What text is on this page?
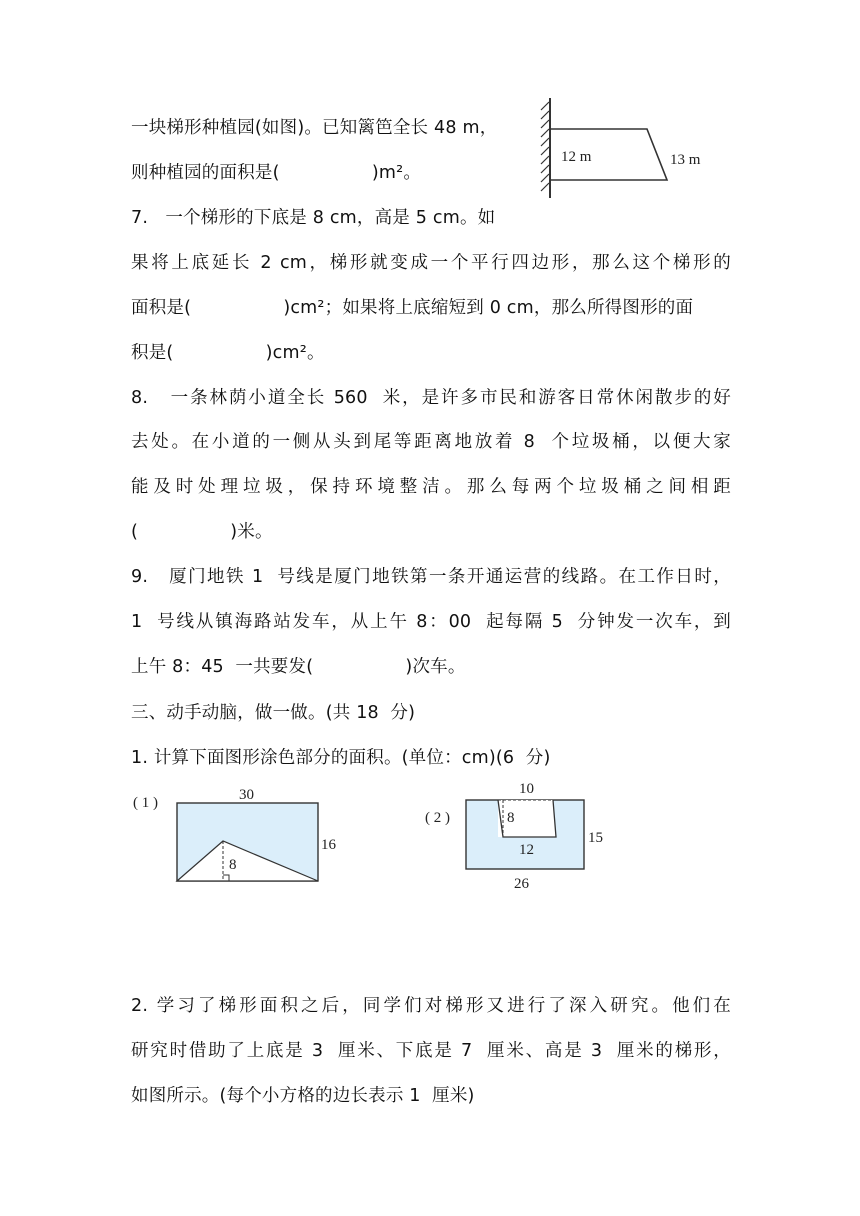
一块梯形种植园(如图)。已知篱笆全长 48 m，
则种植园的面积是(                )m²。
12 m	13 m
7.   一个梯形的下底是 8 cm，高是 5 cm。如
果将上底延长 2 cm，梯形就变成一个平行四边形，那么这个梯形的
面积是(                )cm²；如果将上底缩短到 0 cm，那么所得图形的面
积是(                )cm²。
8.   一条林荫小道全长 560  米，是许多市民和游客日常休闲散步的好
去处。在小道的一侧从头到尾等距离地放着 8  个垃圾桶，以便大家
能及时处理垃圾，保持环境整洁。那么每两个垃圾桶之间相距
(                )米。
9.   厦门地铁 1  号线是厦门地铁第一条开通运营的线路。在工作日时，
1  号线从镇海路站发车，从上午 8：00  起每隔 5  分钟发一次车，到
上午 8：45  一共要发(                )次车。
三、动手动脑，做一做。(共 18  分)
1. 计算下面图形涂色部分的面积。(单位：cm)(6  分)
( 1 )	30
16
8
( 2 )
10
8
12
15
26
2. 学习了梯形面积之后，同学们对梯形又进行了深入研究。他们在
研究时借助了上底是 3  厘米、下底是 7  厘米、高是 3  厘米的梯形，
如图所示。(每个小方格的边长表示 1  厘米)
